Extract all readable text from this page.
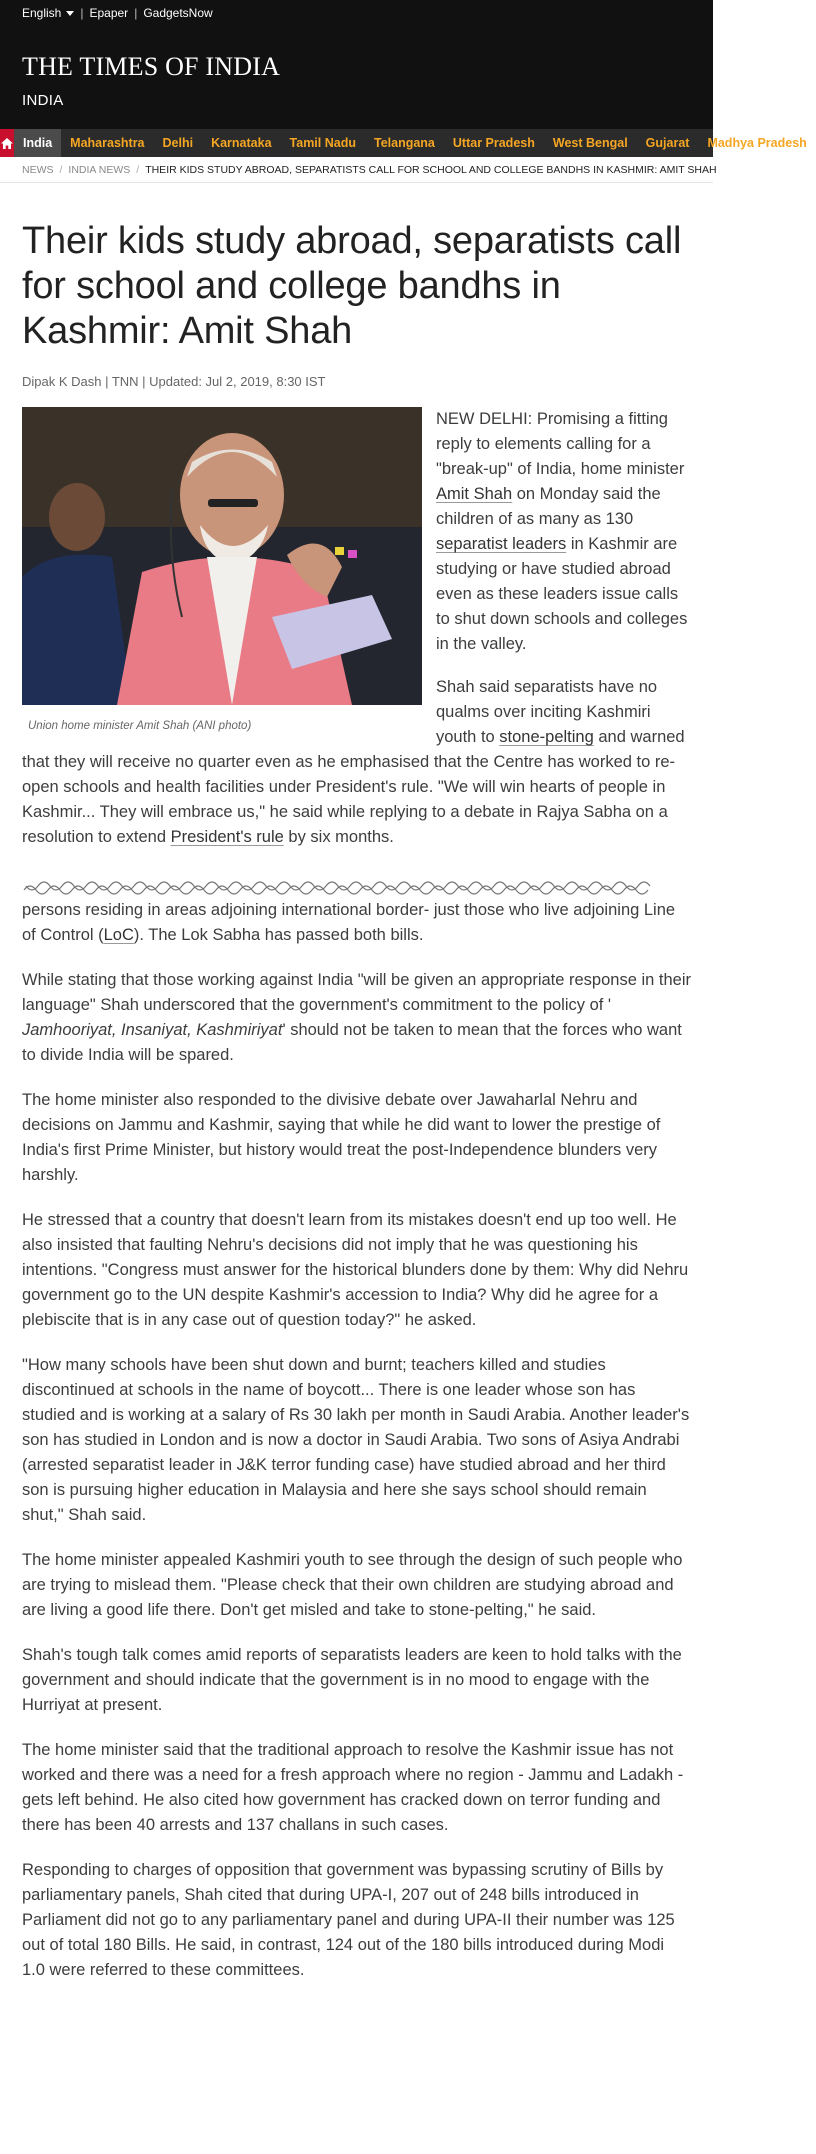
English	| Epaper | GadgetsNow
THE TIMES OF INDIA
INDIA
India	Maharashtra	Delhi	Karnataka	Tamil Nadu	Telangana	Uttar Pradesh	West Bengal	Gujarat	Madhya Pradesh
NEWS / INDIA NEWS / THEIR KIDS STUDY ABROAD, SEPARATISTS CALL FOR SCHOOL AND COLLEGE BANDHS IN KASHMIR: AMIT SHAH
Their kids study abroad, separatists call for school and college bandhs in Kashmir: Amit Shah
Dipak K Dash | TNN | Updated: Jul 2, 2019, 8:30 IST
Union home minister Amit Shah (ANI photo)

NEW DELHI: Promising a fitting reply to elements calling for a "break-up" of India, home minister Amit Shah on Monday said the children of as many as 130 separatist leaders in Kashmir are studying or have studied abroad even as these leaders issue calls to shut down schools and colleges in the valley.

Shah said separatists have no qualms over inciting Kashmiri youth to stone-pelting and warned that they will receive no quarter even as he emphasised that the Centre has worked to re-open schools and health facilities under President's rule. "We will win hearts of people in Kashmir... They will embrace us," he said while replying to a debate in Rajya Sabha on a resolution to extend President's rule by six months.

persons residing in areas adjoining international border- just those who live adjoining Line of Control (LoC). The Lok Sabha has passed both bills.

While stating that those working against India "will be given an appropriate response in their language" Shah underscored that the government's commitment to the policy of ' Jamhooriyat, Insaniyat, Kashmiriyat' should not be taken to mean that the forces who want to divide India will be spared.

The home minister also responded to the divisive debate over Jawaharlal Nehru and decisions on Jammu and Kashmir, saying that while he did want to lower the prestige of India's first Prime Minister, but history would treat the post-Independence blunders very harshly.

He stressed that a country that doesn't learn from its mistakes doesn't end up too well. He also insisted that faulting Nehru's decisions did not imply that he was questioning his intentions. "Congress must answer for the historical blunders done by them: Why did Nehru government go to the UN despite Kashmir's accession to India? Why did he agree for a plebiscite that is in any case out of question today?" he asked.

"How many schools have been shut down and burnt; teachers killed and studies discontinued at schools in the name of boycott... There is one leader whose son has studied and is working at a salary of Rs 30 lakh per month in Saudi Arabia. Another leader's son has studied in London and is now a doctor in Saudi Arabia. Two sons of Asiya Andrabi (arrested separatist leader in J&K terror funding case) have studied abroad and her third son is pursuing higher education in Malaysia and here she says school should remain shut," Shah said.

The home minister appealed Kashmiri youth to see through the design of such people who are trying to mislead them. "Please check that their own children are studying abroad and are living a good life there. Don't get misled and take to stone-pelting," he said.

Shah's tough talk comes amid reports of separatists leaders are keen to hold talks with the government and should indicate that the government is in no mood to engage with the Hurriyat at present.

The home minister said that the traditional approach to resolve the Kashmir issue has not worked and there was a need for a fresh approach where no region - Jammu and Ladakh - gets left behind. He also cited how government has cracked down on terror funding and there has been 40 arrests and 137 challans in such cases.

Responding to charges of opposition that government was bypassing scrutiny of Bills by parliamentary panels, Shah cited that during UPA-I, 207 out of 248 bills introduced in Parliament did not go to any parliamentary panel and during UPA-II their number was 125 out of total 180 Bills. He said, in contrast, 124 out of the 180 bills introduced during Modi 1.0 were referred to these committees.
